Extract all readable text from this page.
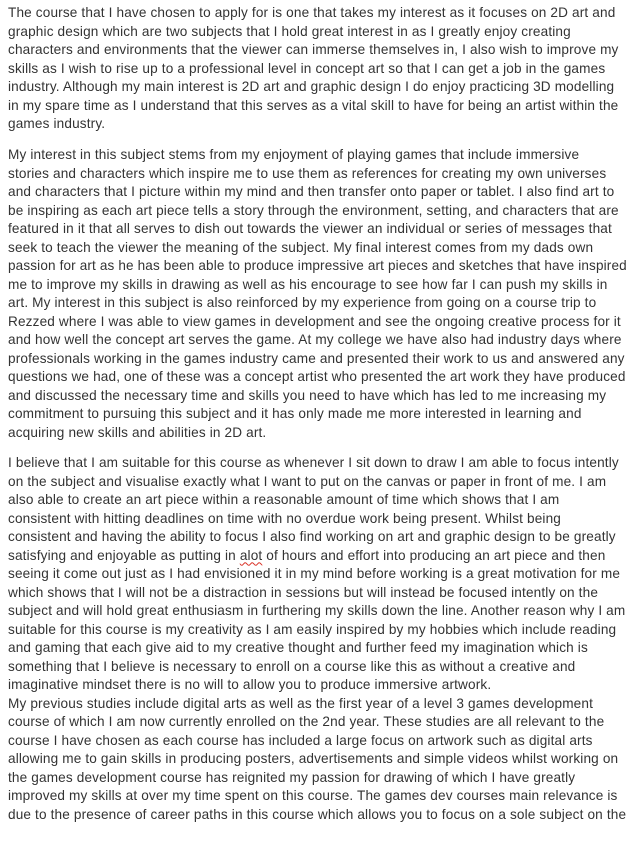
The course that I have chosen to apply for is one that takes my interest as it focuses on 2D art and
graphic design which are two subjects that I hold great interest in as I greatly enjoy creating
characters and environments that the viewer can immerse themselves in, I also wish to improve my
skills as I wish to rise up to a professional level in concept art so that I can get a job in the games
industry. Although my main interest is 2D art and graphic design I do enjoy practicing 3D modelling
in my spare time as I understand that this serves as a vital skill to have for being an artist within the
games industry.
My interest in this subject stems from my enjoyment of playing games that include immersive
stories and characters which inspire me to use them as references for creating my own universes
and characters that I picture within my mind and then transfer onto paper or tablet. I also find art to
be inspiring as each art piece tells a story through the environment, setting, and characters that are
featured in it that all serves to dish out towards the viewer an individual or series of messages that
seek to teach the viewer the meaning of the subject. My final interest comes from my dads own
passion for art as he has been able to produce impressive art pieces and sketches that have inspired
me to improve my skills in drawing as well as his encourage to see how far I can push my skills in
art. My interest in this subject is also reinforced by my experience from going on a course trip to
Rezzed where I was able to view games in development and see the ongoing creative process for it
and how well the concept art serves the game. At my college we have also had industry days where
professionals working in the games industry came and presented their work to us and answered any
questions we had, one of these was a concept artist who presented the art work they have produced
and discussed the necessary time and skills you need to have which has led to me increasing my
commitment to pursuing this subject and it has only made me more interested in learning and
acquiring new skills and abilities in 2D art.
I believe that I am suitable for this course as whenever I sit down to draw I am able to focus intently
on the subject and visualise exactly what I want to put on the canvas or paper in front of me. I am
also able to create an art piece within a reasonable amount of time which shows that I am
consistent with hitting deadlines on time with no overdue work being present. Whilst being
consistent and having the ability to focus I also find working on art and graphic design to be greatly
satisfying and enjoyable as putting in alot of hours and effort into producing an art piece and then
seeing it come out just as I had envisioned it in my mind before working is a great motivation for me
which shows that I will not be a distraction in sessions but will instead be focused intently on the
subject and will hold great enthusiasm in furthering my skills down the line. Another reason why I am
suitable for this course is my creativity as I am easily inspired by my hobbies which include reading
and gaming that each give aid to my creative thought and further feed my imagination which is
something that I believe is necessary to enroll on a course like this as without a creative and
imaginative mindset there is no will to allow you to produce immersive artwork.
My previous studies include digital arts as well as the first year of a level 3 games development
course of which I am now currently enrolled on the 2nd year. These studies are all relevant to the
course I have chosen as each course has included a large focus on artwork such as digital arts
allowing me to gain skills in producing posters, advertisements and simple videos whilst working on
the games development course has reignited my passion for drawing of which I have greatly
improved my skills at over my time spent on this course. The games dev courses main relevance is
due to the presence of career paths in this course which allows you to focus on a sole subject on the
